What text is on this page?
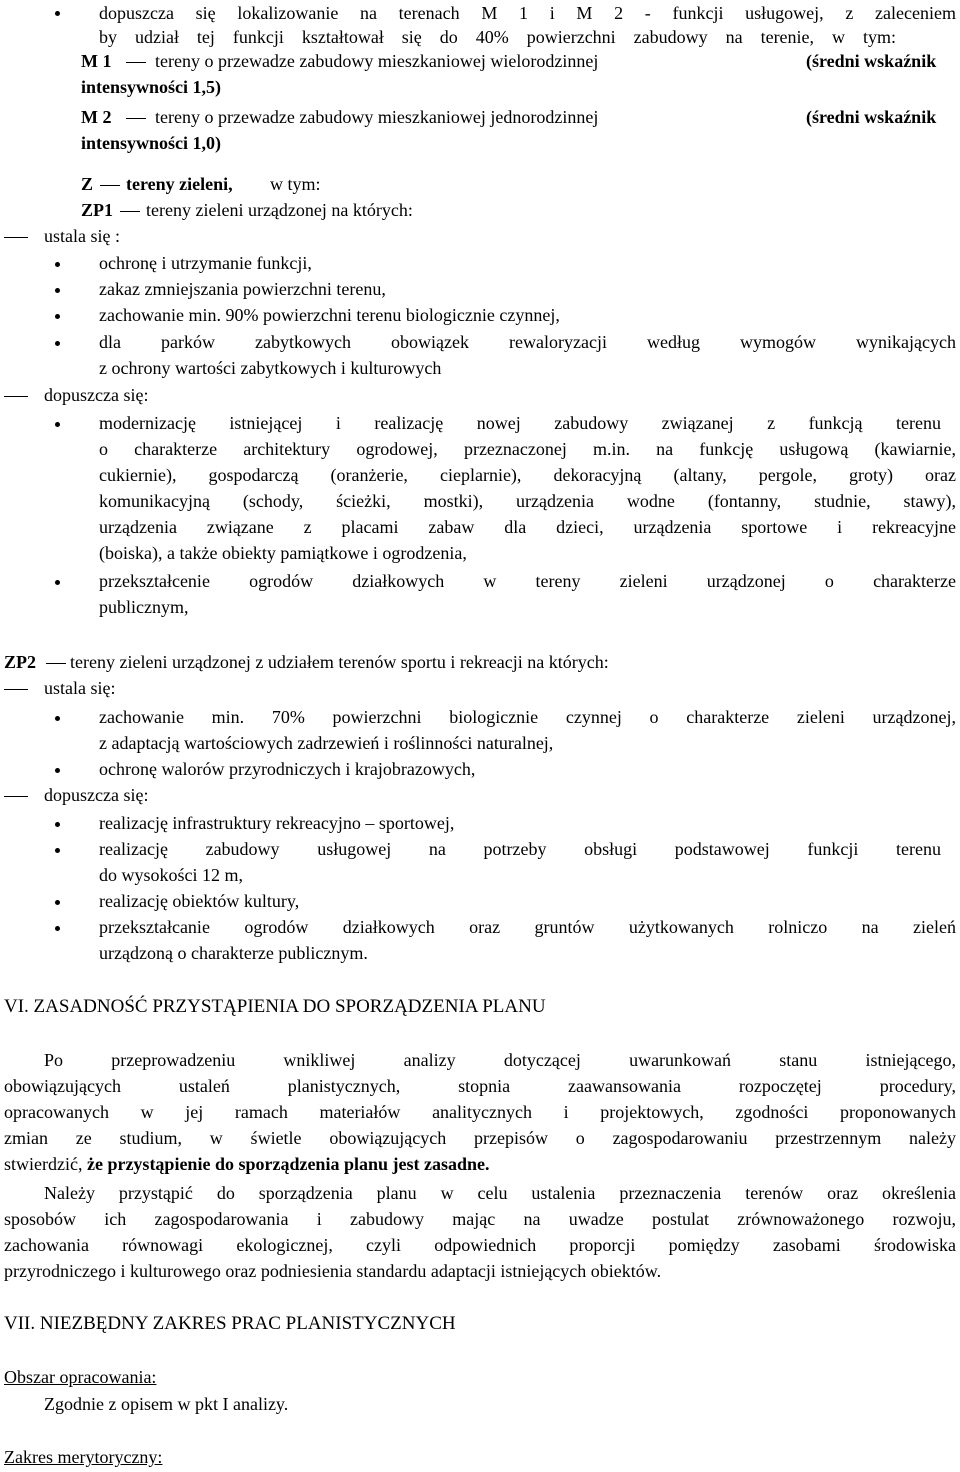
dopuszcza się lokalizowanie na terenach M 1 i M 2 - funkcji usługowej, z zaleceniem
by udział tej funkcji kształtował się do 40% powierzchni zabudowy na terenie, w tym:
M 1 tereny o przewadze zabudowy mieszkaniowej wielorodzinnej	(średni wskaźnik
intensywności 1,5)
M 2 tereny o przewadze zabudowy mieszkaniowej jednorodzinnej	(średni wskaźnik
intensywności 1,0)
Z tereny zieleni, w tym:
ZP1 tereny zieleni urządzonej na których:
ustala się :
ochronę i utrzymanie funkcji,
zakaz zmniejszania powierzchni terenu,
zachowanie min. 90% powierzchni terenu biologicznie czynnej,
dla parków zabytkowych obowiązek rewaloryzacji według wymogów wynikających
z ochrony wartości zabytkowych i kulturowych
dopuszcza się:
modernizację istniejącej i realizację nowej zabudowy związanej z funkcją terenu
o charakterze architektury ogrodowej, przeznaczonej m.in. na funkcję usługową (kawiarnie,
cukiernie), gospodarczą (oranżerie, cieplarnie), dekoracyjną (altany, pergole, groty) oraz
komunikacyjną (schody, ścieżki, mostki), urządzenia wodne (fontanny, studnie, stawy),
urządzenia związane z placami zabaw dla dzieci, urządzenia sportowe i rekreacyjne
(boiska), a także obiekty pamiątkowe i ogrodzenia,
przekształcenie ogrodów działkowych w tereny zieleni urządzonej o charakterze
publicznym,
ZP2 tereny zieleni urządzonej z udziałem terenów sportu i rekreacji na których:
ustala się:
zachowanie min. 70% powierzchni biologicznie czynnej o charakterze zieleni urządzonej,
z adaptacją wartościowych zadrzewień i roślinności naturalnej,
ochronę walorów przyrodniczych i krajobrazowych,
dopuszcza się:
realizację infrastruktury rekreacyjno – sportowej,
realizację zabudowy usługowej na potrzeby obsługi podstawowej funkcji terenu
do wysokości 12 m,
realizację obiektów kultury,
przekształcanie ogrodów działkowych oraz gruntów użytkowanych rolniczo na zieleń
urządzoną o charakterze publicznym.
VI. ZASADNOŚĆ PRZYSTĄPIENIA DO SPORZĄDZENIA PLANU
Po przeprowadzeniu wnikliwej analizy dotyczącej uwarunkowań stanu istniejącego,
obowiązujących ustaleń planistycznych, stopnia zaawansowania rozpoczętej procedury,
opracowanych w jej ramach materiałów analitycznych i projektowych, zgodności proponowanych
zmian ze studium, w świetle obowiązujących przepisów o zagospodarowaniu przestrzennym należy
stwierdzić, że przystąpienie do sporządzenia planu jest zasadne.
Należy przystąpić do sporządzenia planu w celu ustalenia przeznaczenia terenów oraz określenia
sposobów ich zagospodarowania i zabudowy mając na uwadze postulat zrównoważonego rozwoju,
zachowania równowagi ekologicznej, czyli odpowiednich proporcji pomiędzy zasobami środowiska
przyrodniczego i kulturowego oraz podniesienia standardu adaptacji istniejących obiektów.
VII. NIEZBĘDNY ZAKRES PRAC PLANISTYCZNYCH
Obszar opracowania:
Zgodnie z opisem w pkt I analizy.
Zakres merytoryczny:
